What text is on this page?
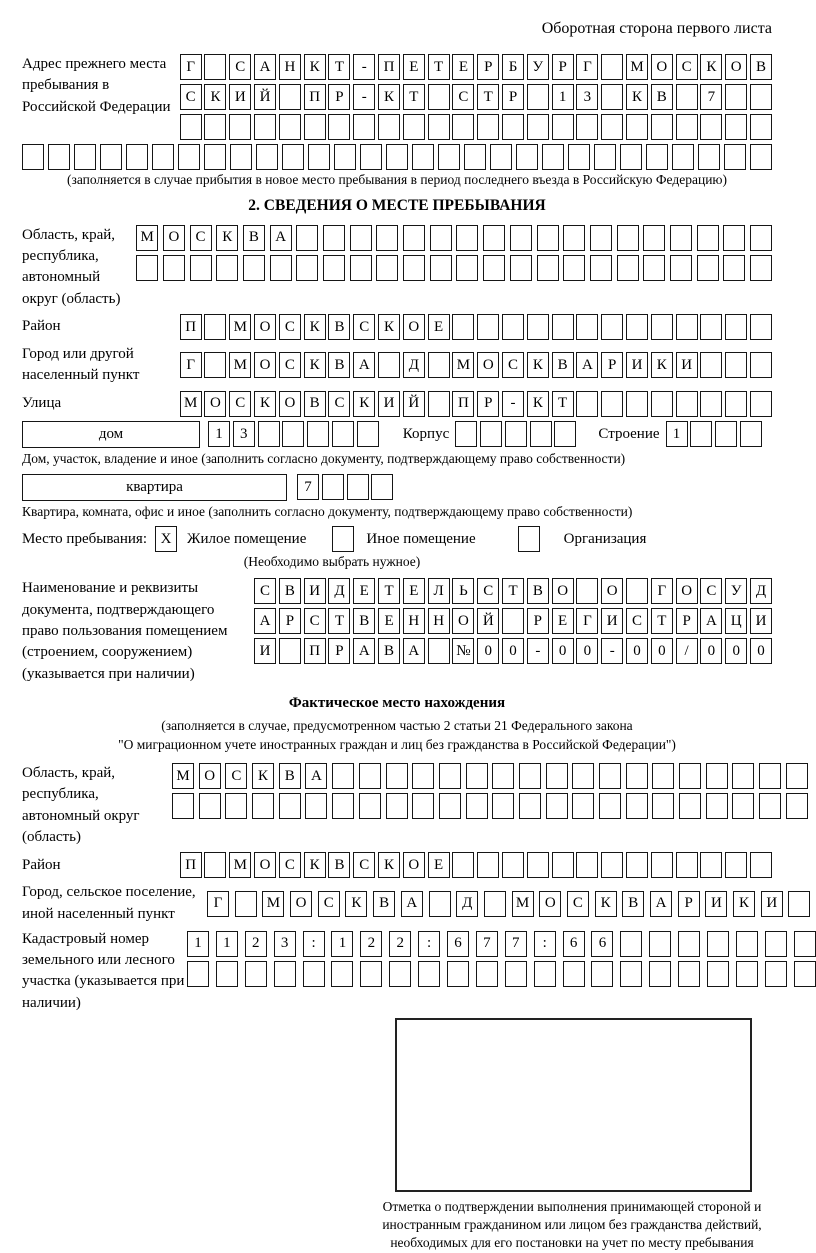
Оборотная сторона первого листа
Адрес прежнего места пребывания в Российской Федерации
Г	С А Н К	Т	-	П Е	Т	Е	Р	Б	У	Р	Г	М О С К О В
С К И Й	П	Р	-	К	Т	С	Т	Р	1	3	К В	7
(заполняется в случае прибытия в новое место пребывания в период последнего въезда в Российскую Федерацию)
2. СВЕДЕНИЯ О МЕСТЕ ПРЕБЫВАНИЯ
Область, край, республика, автономный округ (область)
М О	С	К	В	А
Район	П	М О С К В С К О Е
Город или другой населенный пункт
Г	М О С К В А	Д	М О С К В А	Р	И К И
Улица	М О С К О В С К И Й	П	Р	-	К	Т
дом	1	3	Корпус	Строение 1
Дом, участок, владение и иное (заполнить согласно документу, подтверждающему право собственности)
квартира	7
Квартира, комната, офис и иное (заполнить согласно документу, подтверждающему право собственности)
Место пребывания: X	Жилое помещение	Иное помещение	Организация
(Необходимо выбрать нужное)
Наименование и реквизиты документа, подтверждающего право пользования помещением (строением, сооружением) (указывается при наличии)
С В И Д	Е	Т	Е	Л	Ь	С	Т	В О	О	Г	О С У Д
А	Р	С	Т	В	Е Н Н О Й	Р	Е	Г	И С	Т	Р	А Ц И
И	П	Р	А В А	№ 0	0	-	0	0	-	0	0	/	0	0	0
Фактическое место нахождения
(заполняется в случае, предусмотренном частью 2 статьи 21 Федерального закона
"О миграционном учете иностранных граждан и лиц без гражданства в Российской Федерации")
Область, край, республика, автономный округ (область)
М О	С	К	В	А
Район	П	М О С К В С К О Е
Город, сельское поселение, иной населенный пункт
Г	М	О	С	К	В	А	Д	М	О	С	К	В	А	Р	И	К	И
Кадастровый номер земельного или лесного участка (указывается при наличии)
1	1	2	3	:	1	2	2	:	6	7	7	:	6	6
Отметка о подтверждении выполнения принимающей стороной и иностранным гражданином или лицом без гражданства действий, необходимых для его постановки на учет по месту пребывания
